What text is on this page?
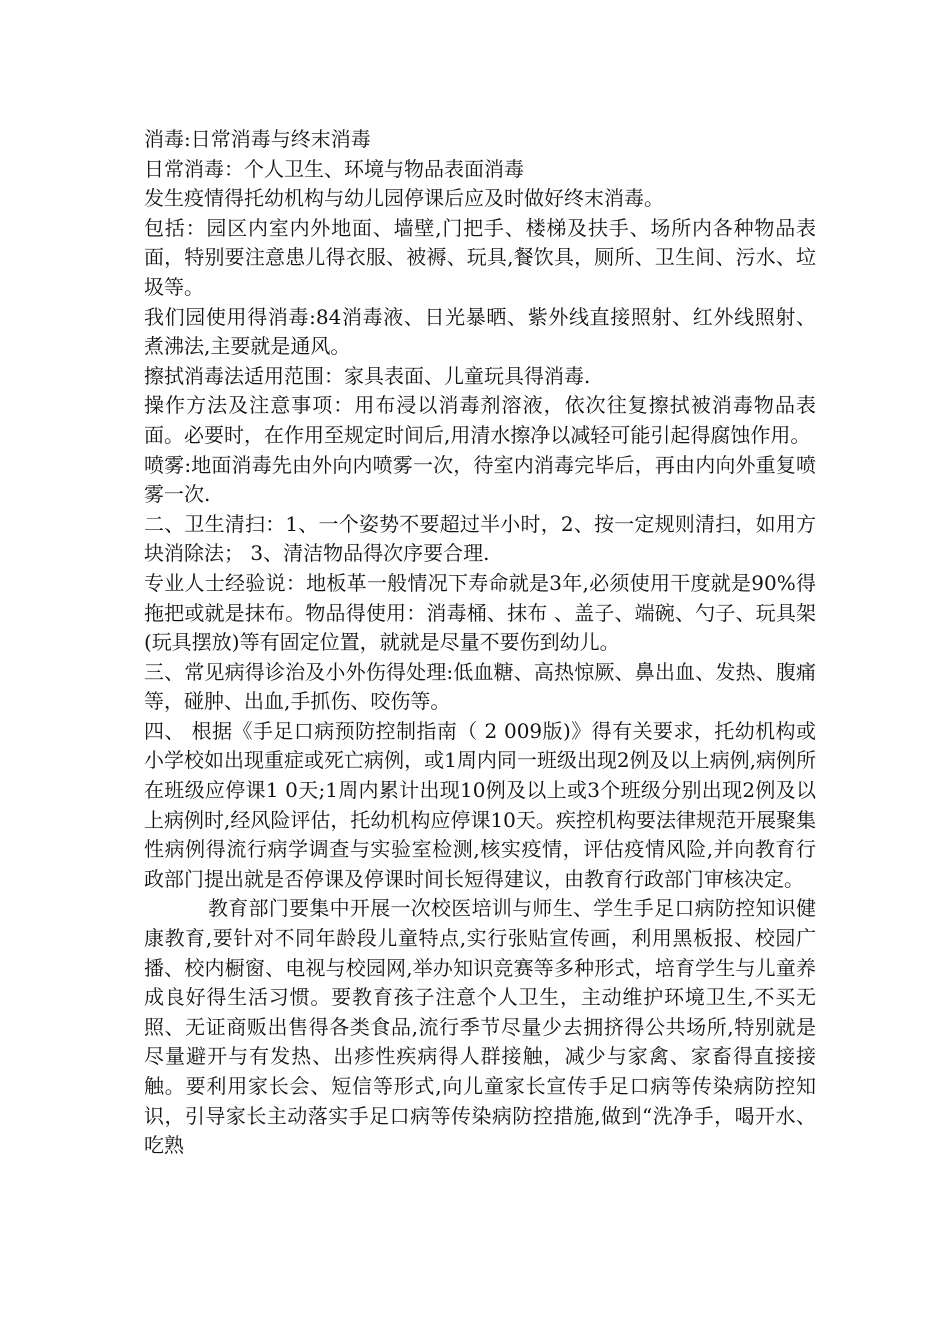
消毒:日常消毒与终末消毒

日常消毒：个人卫生、环境与物品表面消毒

发生疫情得托幼机构与幼儿园停课后应及时做好终末消毒。

包括：园区内室内外地面、墙壁,门把手、楼梯及扶手、场所内各种物品表面，特别要注意患儿得衣服、被褥、玩具,餐饮具，厕所、卫生间、污水、垃圾等。

我们园使用得消毒:84消毒液、日光暴晒、紫外线直接照射、红外线照射、煮沸法,主要就是通风。

擦拭消毒法适用范围：家具表面、儿童玩具得消毒.

操作方法及注意事项：用布浸以消毒剂溶液，依次往复擦拭被消毒物品表面。必要时，在作用至规定时间后,用清水擦净以减轻可能引起得腐蚀作用。

喷雾:地面消毒先由外向内喷雾一次，待室内消毒完毕后，再由内向外重复喷雾一次.

二、卫生清扫：1、一个姿势不要超过半小时，2、按一定规则清扫，如用方块消除法； 3、清洁物品得次序要合理.

专业人士经验说：地板革一般情况下寿命就是3年,必须使用干度就是90%得拖把或就是抹布。物品得使用：消毒桶、抹布 、盖子、端碗、勺子、玩具架(玩具摆放)等有固定位置，就就是尽量不要伤到幼儿。

三、常见病得诊治及小外伤得处理:低血糖、高热惊厥、鼻出血、发热、腹痛等，碰肿、出血,手抓伤、咬伤等。

四、 根据《手足口病预防控制指南（ 2 009版)》得有关要求，托幼机构或小学校如出现重症或死亡病例，或1周内同一班级出现2例及以上病例,病例所在班级应停课1 0天;1周内累计出现10例及以上或3个班级分别出现2例及以上病例时,经风险评估，托幼机构应停课10天。疾控机构要法律规范开展聚集性病例得流行病学调查与实验室检测,核实疫情，评估疫情风险,并向教育行政部门提出就是否停课及停课时间长短得建议，由教育行政部门审核决定。

教育部门要集中开展一次校医培训与师生、学生手足口病防控知识健康教育,要针对不同年龄段儿童特点,实行张贴宣传画，利用黑板报、校园广播、校内橱窗、电视与校园网,举办知识竞赛等多种形式，培育学生与儿童养成良好得生活习惯。要教育孩子注意个人卫生，主动维护环境卫生,不买无照、无证商贩出售得各类食品,流行季节尽量少去拥挤得公共场所,特别就是尽量避开与有发热、出疹性疾病得人群接触，减少与家禽、家畜得直接接触。要利用家长会、短信等形式,向儿童家长宣传手足口病等传染病防控知识，引导家长主动落实手足口病等传染病防控措施,做到“洗净手，喝开水、吃熟
